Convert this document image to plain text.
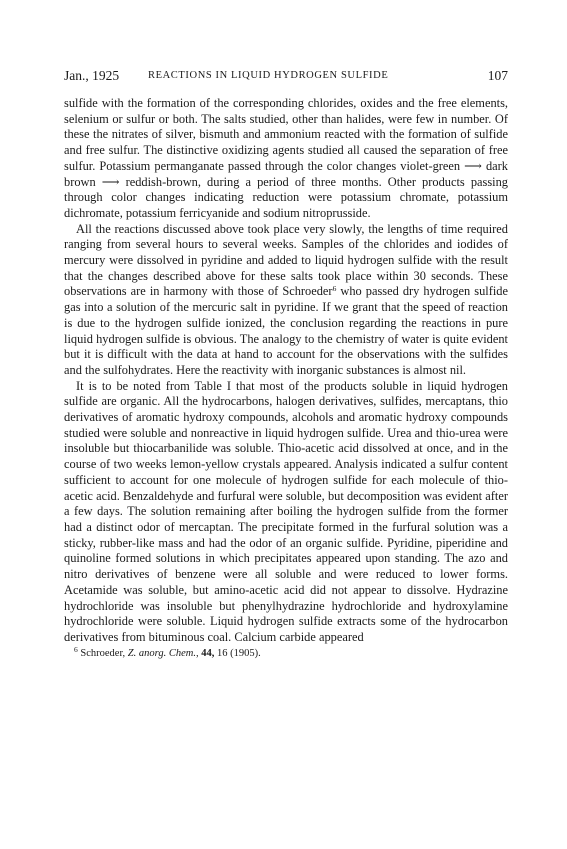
Jan., 1925	REACTIONS IN LIQUID HYDROGEN SULFIDE	107

sulfide with the formation of the corresponding chlorides, oxides and the free elements, selenium or sulfur or both. The salts studied, other than halides, were few in number. Of these the nitrates of silver, bismuth and ammonium reacted with the formation of sulfide and free sulfur. The distinctive oxidizing agents studied all caused the separation of free sulfur. Potassium permanganate passed through the color changes violet-green ⟶ dark brown ⟶ reddish-brown, during a period of three months. Other products passing through color changes indicating reduction were potassium chromate, potassium dichromate, potassium ferricyanide and sodium nitroprusside.

All the reactions discussed above took place very slowly, the lengths of time required ranging from several hours to several weeks. Samples of the chlorides and iodides of mercury were dissolved in pyridine and added to liquid hydrogen sulfide with the result that the changes described above for these salts took place within 30 seconds. These observations are in harmony with those of Schroeder$^6$ who passed dry hydrogen sulfide gas into a solution of the mercuric salt in pyridine. If we grant that the speed of reaction is due to the hydrogen sulfide ionized, the conclusion regarding the reactions in pure liquid hydrogen sulfide is obvious. The analogy to the chemistry of water is quite evident but it is difficult with the data at hand to account for the observations with the sulfides and the sulfohydrates. Here the reactivity with inorganic substances is almost nil.

It is to be noted from Table I that most of the products soluble in liquid hydrogen sulfide are organic. All the hydrocarbons, halogen derivatives, sulfides, mercaptans, thio derivatives of aromatic hydroxy compounds, alcohols and aromatic hydroxy compounds studied were soluble and nonreactive in liquid hydrogen sulfide. Urea and thio-urea were insoluble but thiocarbanilide was soluble. Thio-acetic acid dissolved at once, and in the course of two weeks lemon-yellow crystals appeared. Analysis indicated a sulfur content sufficient to account for one molecule of hydrogen sulfide for each molecule of thio-acetic acid. Benzaldehyde and furfural were soluble, but decomposition was evident after a few days. The solution remaining after boiling the hydrogen sulfide from the former had a distinct odor of mercaptan. The precipitate formed in the furfural solution was a sticky, rubber-like mass and had the odor of an organic sulfide. Pyridine, piperidine and quinoline formed solutions in which precipitates appeared upon standing. The azo and nitro derivatives of benzene were all soluble and were reduced to lower forms. Acetamide was soluble, but amino-acetic acid did not appear to dissolve. Hydrazine hydrochloride was insoluble but phenylhydrazine hydrochloride and hydroxylamine hydrochloride were soluble. Liquid hydrogen sulfide extracts some of the hydrocarbon derivatives from bituminous coal. Calcium carbide appeared

$^6$ Schroeder, Z. anorg. Chem., 44, 16 (1905).
